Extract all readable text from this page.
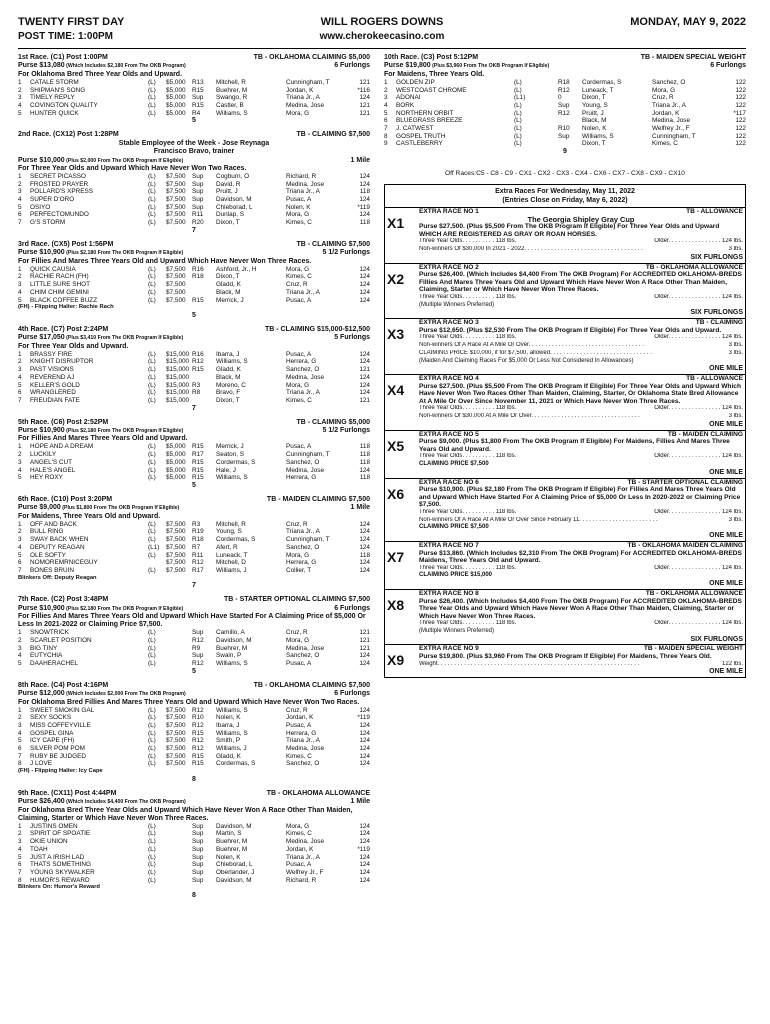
TWENTY FIRST DAY	WILL ROGERS DOWNS	MONDAY, MAY 9, 2022
POST TIME: 1:00PM	www.cherokeecasino.com
1st Race. (C1) Post 1:00PM	TB - OKLAHOMA CLAIMING $5,000
Purse $13,080 (Which Includes $2,180 From The OKB Program)	6 Furlongs
For Oklahoma Bred Three Year Olds and Upward.
1	CATALE STORM	(L)	$5,000	R13	Mitchell, R	Cunningham, T	121
2	SHIPMAN'S SONG	(L)	$5,000	R15	Buehrer, M	Jordan, K	*116
3	TIMELY REPLY	(L)	$5,000	Sup	Swango, R	Triana Jr., A	124
4	COVINGTON QUALITY	(L)	$5,000	R15	Castler, B	Medina, Jose	121
5	HUNTER QUICK	(L)	$5,000	R4	Williams, S	Mora, G	121
5
2nd Race. (CX12) Post 1:28PM	TB - CLAIMING $7,500
Stable Employee of the Week - Jose Reynaga
Francisco Bravo, trainer
Purse $10,000 (Plus $2,000 From The OKB Program If Eligible)	1 Mile
For Three Year Olds and Upward Which Have Never Won Two Races.
1	SECRET PICASSO	(L)	$7,500	Sup	Cogburn, O	Richard, R	124
2	FROSTED PRAYER	(L)	$7,500	Sup	David, R	Medina, Jose	124
3	POLLARD'S XPRESS	(L)	$7,500	Sup	Pruitt, J	Triana Jr., A	118
4	SUPER D'ORO	(L)	$7,500	Sup	Davidson, M	Pusac, A	124
5	OSIYO	(L)	$7,500	Sup	Chleborad, L	Nolen, K	*119
6	PERFECTOMUNDO	(L)	$7,500	R11	Dunlap, S	Mora, G	124
7	G'S STORM	(L)	$7,500	R20	Dixon, T	Kimes, C	118
7
3rd Race. (CX5) Post 1:56PM	TB - CLAIMING $7,500
Purse $10,900 (Plus $2,180 From The OKB Program If Eligible)	5 1/2 Furlongs
For Fillies And Mares Three Years Old and Upward Which Have Never Won Three Races.
1	QUICK CAUSIA	(L)	$7,500	R16	Ashford, Jr., H	Mora, G	124
2	RACHIE RACH (FH)	(L)	$7,500	R18	Dixon, T	Kimes, C	124
3	LITTLE SURE SHOT	(L)	$7,500	Gladd, K	Cruz, R	124
4	CHIM CHIM GEMINI	(L)	$7,500	Black, M	Triana Jr., A	124
5	BLACK COFFEE BUZZ	(L)	$7,500	R15	Merrick, J	Pusac, A	124
(FH) - Flipping Halter: Rachie Rach
5
4th Race. (C7) Post 2:24PM	TB - CLAIMING $15,000-$12,500
Purse $17,050 (Plus $3,410 From The OKB Program If Eligible)	5 Furlongs
For Three Year Olds and Upward.
1	BRASSY FIRE	(L)	$15,000 R16	Ibarra, J	Pusac, A	124
2	KNIGHT DISRUPTOR	(L)	$15,000 R12	Williams, S	Herrera, G	124
3	PAST VISIONS	(L)	$15,000 R15	Gladd, K	Sanchez, O	121
4	REVEREND AJ	(L)	$15,000	Black, M	Medina, Jose	124
5	KELLER'S GOLD	(L)	$15,000 R3	Moreno, C	Mora, G	124
6	WRANGLERED	(L)	$15,000 R8	Bravo, F	Triana Jr., A	124
7	FREUDIAN FATE	(L)	$15,000	Dixon, T	Kimes, C	121
7
5th Race. (C6) Post 2:52PM	TB - CLAIMING $5,000
Purse $10,900 (Plus $2,180 From The OKB Program If Eligible)	5 1/2 Furlongs
For Fillies And Mares Three Years Old and Upward.
1	HOPE AND A DREAM	(L)	$5,000	R15	Merrick, J	Pusac, A	118
2	LUCKILY	(L)	$5,000	R17	Seaton, S	Cunningham, T	118
3	ANGEL'S CUT	(L)	$5,000	R15	Cordermas, S	Sanchez, O	118
4	HALE'S ANGEL	(L)	$5,000	R15	Hale, J	Medina, Jose	124
5	HEY ROXY	(L)	$5,000	R15	Williams, S	Herrera, G	118
5
6th Race. (C10) Post 3:20PM	TB - MAIDEN CLAIMING $7,500
Purse $9,000 (Plus $1,800 From The OKB Program If Eligible)	1 Mile
For Maidens, Three Years Old and Upward.
1	OFF AND BACK	(L)	$7,500	R3	Mitchell, R	Cruz, R	124
2	BULL RING	(L)	$7,500	R19	Young, S	Triana Jr., A	124
3	SWAY BACK WHEN	(L)	$7,500	R18	Cordermas, S	Cunningham, T	124
4	DEPUTY REAGAN	(L1)	$7,500	R7	Afert, R	Sanchez, O	124
5	OLE SOFTY	(L)	$7,500	R11	Luneack, T	Mora, G	118
6	NOMOREMRNICEGUY	$7,500	R12	Mitchell, D	Herrera, G	124
7	BONES BRUIN	(L)	$7,500	R17	Williams, J	Collier, T	124
Blinkers Off: Deputy Reagan
7
7th Race. (C2) Post 3:48PM	TB - STARTER OPTIONAL CLAIMING $7,500
Purse $10,900 (Plus $2,180 From The OKB Program If Eligible)	6 Furlongs
For Fillies And Mares Three Years Old and Upward Which Have Started For A Claiming Price of $5,000 Or Less In 2021-2022 or Claiming Price $7,500.
1	SNOWTRICK	(L)	Sup	Camillo, A	Cruz, R	121
2	SCARLET POSITION	(L)	R12	Davidson, M	Mora, G	121
3	BIG TINY	(L)	R9	Buehrer, M	Medina, Jose	121
4	EUTYCHIA	(L)	Sup	Swain, P	Sanchez, O	124
5	DAAHERACHEL	(L)	R12	Williams, S	Pusac, A	124
5
8th Race. (C4) Post 4:16PM	TB - OKLAHOMA CLAIMING $7,500
Purse $12,000 (Which Includes $2,000 From The OKB Program)	6 Furlongs
For Oklahoma Bred Fillies And Mares Three Years Old and Upward Which Have Never Won Two Races.
1	SWEET SMOKIN GAL	(L)	$7,500	R12	Williams, S	Cruz, R	124
2	SEXY SOCKS	(L)	$7,500	R10	Nolen, K	Jordan, K	*119
3	MISS COFFEYVILLE	(L)	$7,500	R12	Ibarra, J	Pusac, A	124
4	GOSPEL GINA	(L)	$7,500	R15	Williams, S	Herrera, G	124
5	ICY CAPE (FH)	(L)	$7,500	R12	Smith, P	Triana Jr., A	124
6	SILVER POM POM	(L)	$7,500	R12	Williams, J	Medina, Jose	124
7	RUBY BE JUDGED	(L)	$7,500	R15	Gladd, K	Kimes, C	124
8	J LOVE	(L)	$7,500	R15	Cordermas, S	Sanchez, O	124
(FH) - Flipping Halter: Icy Cape
8
9th Race. (CX11) Post 4:44PM	TB - OKLAHOMA ALLOWANCE
Purse $26,400 (Which Includes $4,400 From The OKB Program)	1 Mile
For Oklahoma Bred Three Year Olds and Upward Which Have Never Won A Race Other Than Maiden, Claiming, Starter or Which Have Never Won Three Races.
1	JUSTINS OMEN	(L)	Sup	Davidson, M	Mora, G	124
2	SPIRIT OF SPOATIE	(L)	Sup	Martin, S	Kimes, C	124
3	OKIE UNION	(L)	Sup	Buehrer, M	Medina, Jose	124
4	TOAH	(L)	Sup	Buehrer, M	Jordan, K	*119
5	JUST A IRISH LAD	(L)	Sup	Nolen, K	Triana Jr., A	124
6	THATS SOMETHING	(L)	Sup	Chleborad, L	Pusac, A	124
7	YOUNG SKYWALKER	(L)	Sup	Oberlander, J	Welfrey Jr., F	124
8	HUMOR'S REWARD	(L)	Sup	Davidson, M	Richard, R	124
Blinkers On: Humor's Reward
8
10th Race. (C3) Post 5:12PM	TB - MAIDEN SPECIAL WEIGHT
Purse $19,800 (Plus $3,960 From The OKB Program If Eligible)	6 Furlongs
For Maidens, Three Years Old.
1	GOLDEN ZIP	(L)	R18	Cordermas, S	Sanchez, O	122
2	WESTCOAST CHROME	(L)	R12	Luneack, T	Mora, G	122
3	ADONAI	(L1)	0	Dixon, T	Cruz, R	122
4	BORK	(L)	Sup	Young, S	Triana Jr., A	122
5	NORTHERN ORBIT	(L)	R12	Pruitt, J	Jordan, K	*117
6	BLUEGRASS BREEZE	(L)	Black, M	Medina, Jose	122
7	J. CATWEST	(L)	R10	Nolen, K	Welfrey Jr., F	122
8	GOSPEL TRUTH	(L)	Sup	Williams, S	Cunningham, T	122
9	CASTLEBERRY	(L)	Dixon, T	Kimes, C	122
9
Off Races:C5 - C8 - C9 - CX1 - CX2 - CX3 - CX4 - CX6 - CX7 - CX8 - CX9 - CX10
Extra Races For Wednesday, May 11, 2022
(Entries Close on Friday, May 6, 2022)
X1
EXTRA RACE NO 1	TB - ALLOWANCE
The Georgia Shipley Gray Cup
Purse $27,500. (Plus $5,500 From The OKB Program If Eligible) For Three Year Olds and Upward WHICH ARE REGISTERED AS GRAY OR ROAN HORSES.
Three Year Olds. . . . . . . . . . 118 lbs.	Older. . . . . . . . . . . . . . . . 124 lbs.
Non-winners Of $30,000 In 2021 - 2022. . . . . . . . . . . . . . . . . . . . . . . . . . . . . . . . . . . .	3 lbs.
SIX FURLONGS
X2
EXTRA RACE NO 2	TB - OKLAHOMA ALLOWANCE
Purse $26,400. (Which Includes $4,400 From The OKB Program) For ACCREDITED OKLAHOMA-BREDS Fillies And Mares Three Years Old and Upward Which Have Never Won A Race Other Than Maiden, Claiming, Starter or Which Have Never Won Three Races.
Three Year Olds. . . . . . . . . . 118 lbs.	Older. . . . . . . . . . . . . . . . 124 lbs.
(Multiple Winners Preferred)
SIX FURLONGS
X3
EXTRA RACE NO 3	TB - CLAIMING
Purse $12,650. (Plus $2,530 From The OKB Program If Eligible) For Three Year Olds and Upward.
Three Year Olds. . . . . . . . . . 118 lbs.	Older. . . . . . . . . . . . . . . . 124 lbs.
Non-winners Of A Race At A Mile Or Over. . . . . . . . . . . . . . . . . . . . . . . . . . . . . . . . . . .	3 lbs.
CLAIMING PRICE $10,000, if for $7,500, allowed. . . . . . . . . . . . . . . . . . . . . . . . . . . . . . .	3 lbs.
(Maiden And Claiming Races For $5,000 Or Less Not Considered In Allowances)
ONE MILE
X4
EXTRA RACE NO 4	TB - ALLOWANCE
Purse $27,500. (Plus $5,500 From The OKB Program If Eligible) For Three Year Olds and Upward Which Have Never Won Two Races Other Than Maiden, Claiming, Starter, Or Oklahoma State Bred Allowance At A Mile Or Over Since November 11, 2021 or Which Have Never Won Three Races.
Three Year Olds. . . . . . . . . . 118 lbs.	Older. . . . . . . . . . . . . . . . 124 lbs.
Non-winners Of $30,000 At A Mile Or Over. . . . . . . . . . . . . . . . . . . . . . . . . . . . . . . . .	3 lbs.
ONE MILE
X5
EXTRA RACE NO 5	TB - MAIDEN CLAIMING
Purse $9,000. (Plus $1,800 From The OKB Program If Eligible) For Maidens, Fillies And Mares Three Years Old and Upward.
Three Year Olds. . . . . . . . . . 118 lbs.	Older. . . . . . . . . . . . . . . . 124 lbs.
CLAIMING PRICE $7,500
ONE MILE
X6
EXTRA RACE NO 6	TB - STARTER OPTIONAL CLAIMING
Purse $10,900. (Plus $2,180 From The OKB Program If Eligible) For Fillies And Mares Three Years Old and Upward Which Have Started For A Claiming Price of $5,000 Or Less In 2020-2022 or Claiming Price $7,500.
Three Year Olds. . . . . . . . . . 118 lbs.	Older. . . . . . . . . . . . . . . . 124 lbs.
Non-winners Of A Race At A Mile Or Over Since February 11. . . . . . . . . . . . . . . . . . . . . . . .	3 lbs.
CLAIMING PRICE $7,500
ONE MILE
X7
EXTRA RACE NO 7	TB - OKLAHOMA MAIDEN CLAIMING
Purse $13,860. (Which Includes $2,310 From The OKB Program) For ACCREDITED OKLAHOMA-BREDS Maidens, Three Years Old and Upward.
Three Year Olds. . . . . . . . . . 118 lbs.	Older. . . . . . . . . . . . . . . . 124 lbs.
CLAIMING PRICE $15,000
ONE MILE
X8
EXTRA RACE NO 8	TB - OKLAHOMA ALLOWANCE
Purse $26,400. (Which Includes $4,400 From The OKB Program) For ACCREDITED OKLAHOMA-BREDS Three Year Olds and Upward Which Have Never Won A Race Other Than Maiden, Claiming, Starter or Which Have Never Won Three Races.
Three Year Olds. . . . . . . . . . 118 lbs.	Older. . . . . . . . . . . . . . . . 124 lbs.
(Multiple Winners Preferred)
SIX FURLONGS
X9
EXTRA RACE NO 9	TB - MAIDEN SPECIAL WEIGHT
Purse $19,800. (Plus $3,960 From The OKB Program If Eligible) For Maidens, Three Years Old.
Weight. . . . . . . . . . . . . . . . . . . . . . . . . . . . . . . . . . . . . . . . . . . . . . . . . . . . . . . . . . . . .	122 lbs.
ONE MILE
